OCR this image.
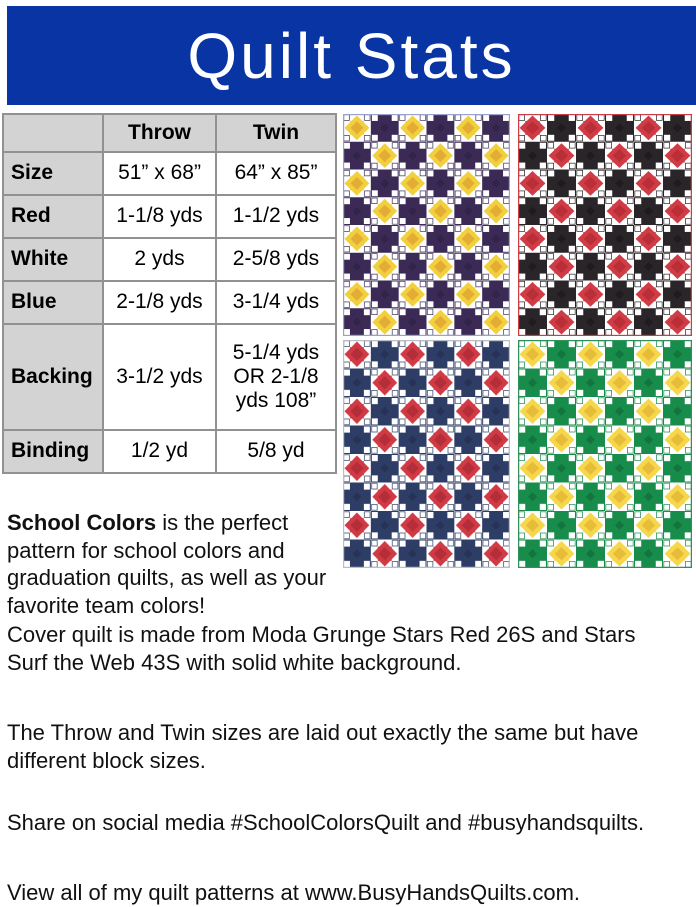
Quilt Stats
	Throw	Twin
Size	51” x 68”	64” x 85”
Red	1-1/8 yds	1-1/2 yds
White	2 yds	2-5/8 yds
Blue	2-1/8 yds	3-1/4 yds
Backing	3-1/2 yds	5-1/4 yds OR 2-1/8 yds 108”
Binding	1/2 yd	5/8 yd

School Colors is the perfect pattern for school colors and graduation quilts, as well as your favorite team colors!

Cover quilt is made from Moda Grunge Stars Red 26S and Stars Surf the Web 43S with solid white background.

The Throw and Twin sizes are laid out exactly the same but have different block sizes.

Share on social media #SchoolColorsQuilt and #busyhandsquilts.

View all of my quilt patterns at www.BusyHandsQuilts.com.
